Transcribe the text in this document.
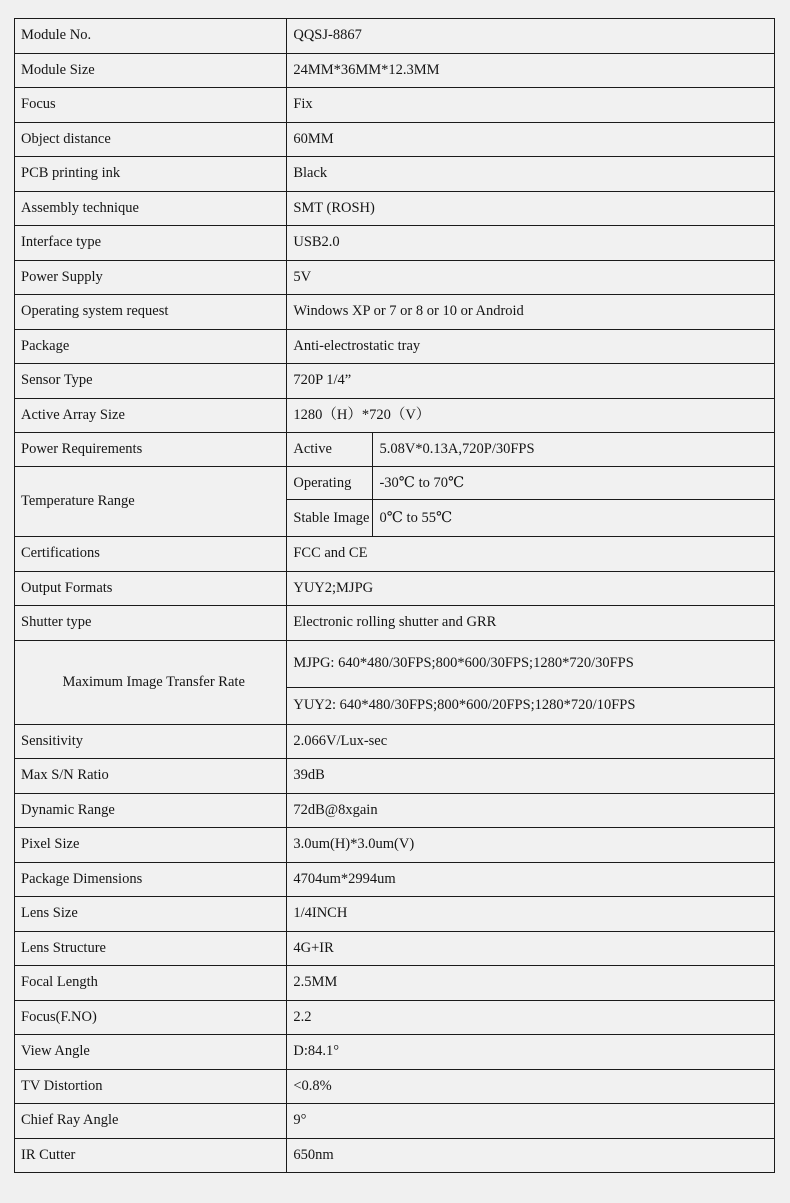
Module No.	QQSJ-8867	
Module Size	24MM*36MM*12.3MM	
Focus	Fix	
Object distance	60MM	
PCB printing ink	Black	
Assembly technique	SMT (ROSH)	
Interface type	USB2.0	
Power Supply	5V	
Operating system request	Windows XP or 7 or 8 or 10 or Android	
Package	Anti-electrostatic tray	
Sensor Type	720P 1/4”	
Active Array Size	1280（H）*720（V）	
Power Requirements	Active	5.08V*0.13A,720P/30FPS
Temperature Range	Operating	-30℃ to 70℃
	Stable Image	0℃ to 55℃
Certifications	FCC and CE	
Output Formats	YUY2;MJPG	
Shutter type	Electronic rolling shutter and GRR	
Maximum Image Transfer Rate	MJPG: 640*480/30FPS;800*600/30FPS;1280*720/30FPS	
	YUY2: 640*480/30FPS;800*600/20FPS;1280*720/10FPS	
Sensitivity	2.066V/Lux-sec	
Max S/N Ratio	39dB	
Dynamic Range	72dB@8xgain	
Pixel Size	3.0um(H)*3.0um(V)	
Package Dimensions	4704um*2994um	
Lens Size	1/4INCH	
Lens Structure	4G+IR	
Focal Length	2.5MM	
Focus(F.NO)	2.2	
View Angle	D:84.1°	
TV Distortion	<0.8%	
Chief Ray Angle	9°	
IR Cutter	650nm	
